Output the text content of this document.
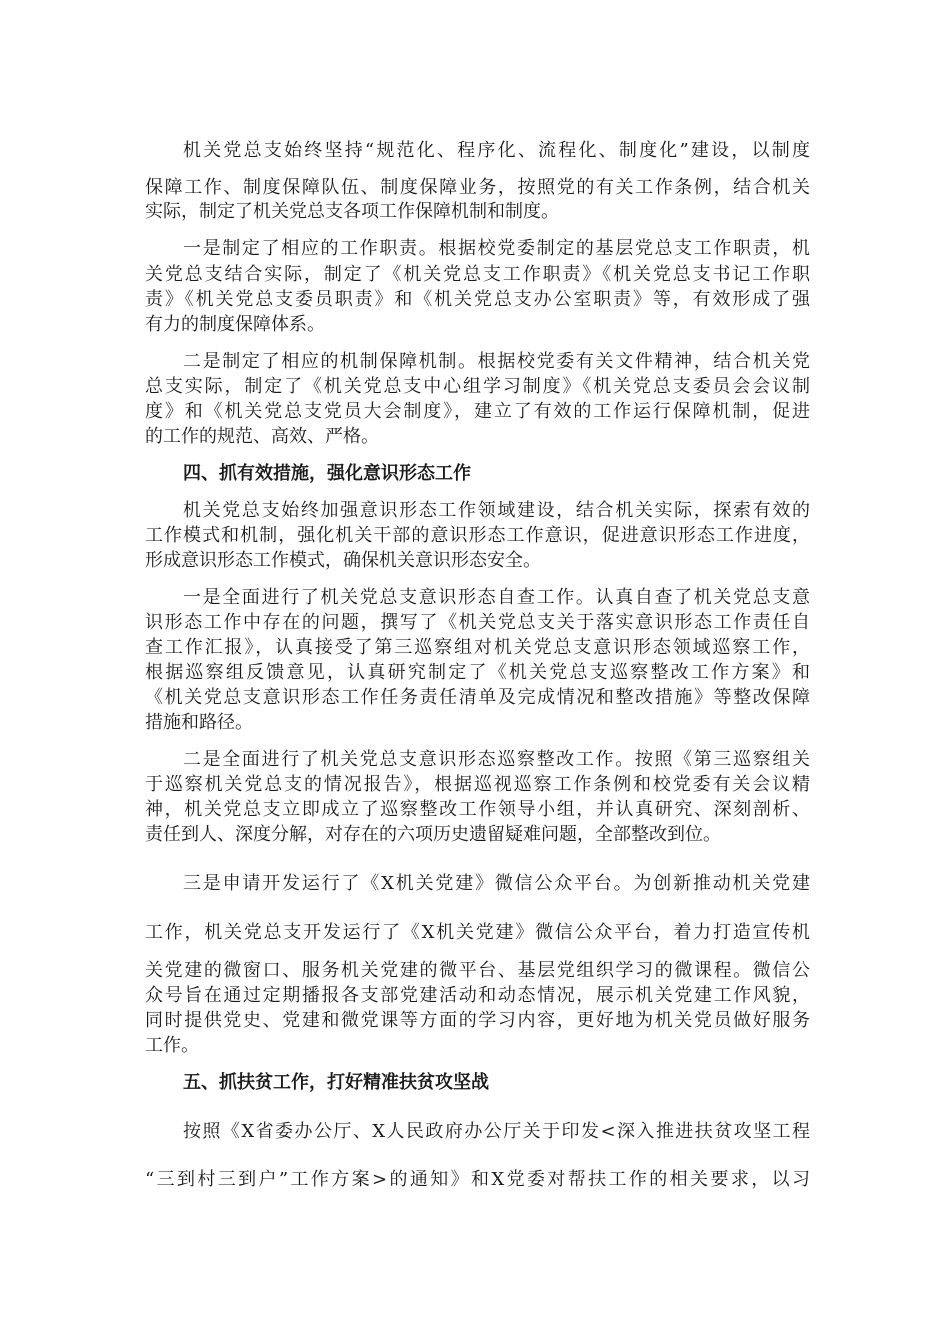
机关党总支始终坚持“规范化、程序化、流程化、制度化”建设，以制度
保障工作、制度保障队伍、制度保障业务，按照党的有关工作条例，结合机关
实际，制定了机关党总支各项工作保障机制和制度。
一是制定了相应的工作职责。根据校党委制定的基层党总支工作职责，机
关党总支结合实际，制定了《机关党总支工作职责》《机关党总支书记工作职
责》《机关党总支委员职责》和《机关党总支办公室职责》等，有效形成了强
有力的制度保障体系。
二是制定了相应的机制保障机制。根据校党委有关文件精神，结合机关党
总支实际，制定了《机关党总支中心组学习制度》《机关党总支委员会会议制
度》和《机关党总支党员大会制度》，建立了有效的工作运行保障机制，促进
的工作的规范、高效、严格。
四、抓有效措施，强化意识形态工作
机关党总支始终加强意识形态工作领域建设，结合机关实际，探索有效的
工作模式和机制，强化机关干部的意识形态工作意识，促进意识形态工作进度，
形成意识形态工作模式，确保机关意识形态安全。
一是全面进行了机关党总支意识形态自查工作。认真自查了机关党总支意
识形态工作中存在的问题，撰写了《机关党总支关于落实意识形态工作责任自
查工作汇报》，认真接受了第三巡察组对机关党总支意识形态领域巡察工作，
根据巡察组反馈意见，认真研究制定了《机关党总支巡察整改工作方案》和
《机关党总支意识形态工作任务责任清单及完成情况和整改措施》等整改保障
措施和路径。
二是全面进行了机关党总支意识形态巡察整改工作。按照《第三巡察组关
于巡察机关党总支的情况报告》，根据巡视巡察工作条例和校党委有关会议精
神，机关党总支立即成立了巡察整改工作领导小组，并认真研究、深刻剖析、
责任到人、深度分解，对存在的六项历史遗留疑难问题，全部整改到位。
三是申请开发运行了《X机关党建》微信公众平台。为创新推动机关党建
工作，机关党总支开发运行了《X机关党建》微信公众平台，着力打造宣传机
关党建的微窗口、服务机关党建的微平台、基层党组织学习的微课程。微信公
众号旨在通过定期播报各支部党建活动和动态情况，展示机关党建工作风貌，
同时提供党史、党建和微党课等方面的学习内容，更好地为机关党员做好服务
工作。
五、抓扶贫工作，打好精准扶贫攻坚战
按照《X省委办公厅、X人民政府办公厅关于印发<深入推进扶贫攻坚工程
“三到村三到户”工作方案>的通知》和X党委对帮扶工作的相关要求，以习
